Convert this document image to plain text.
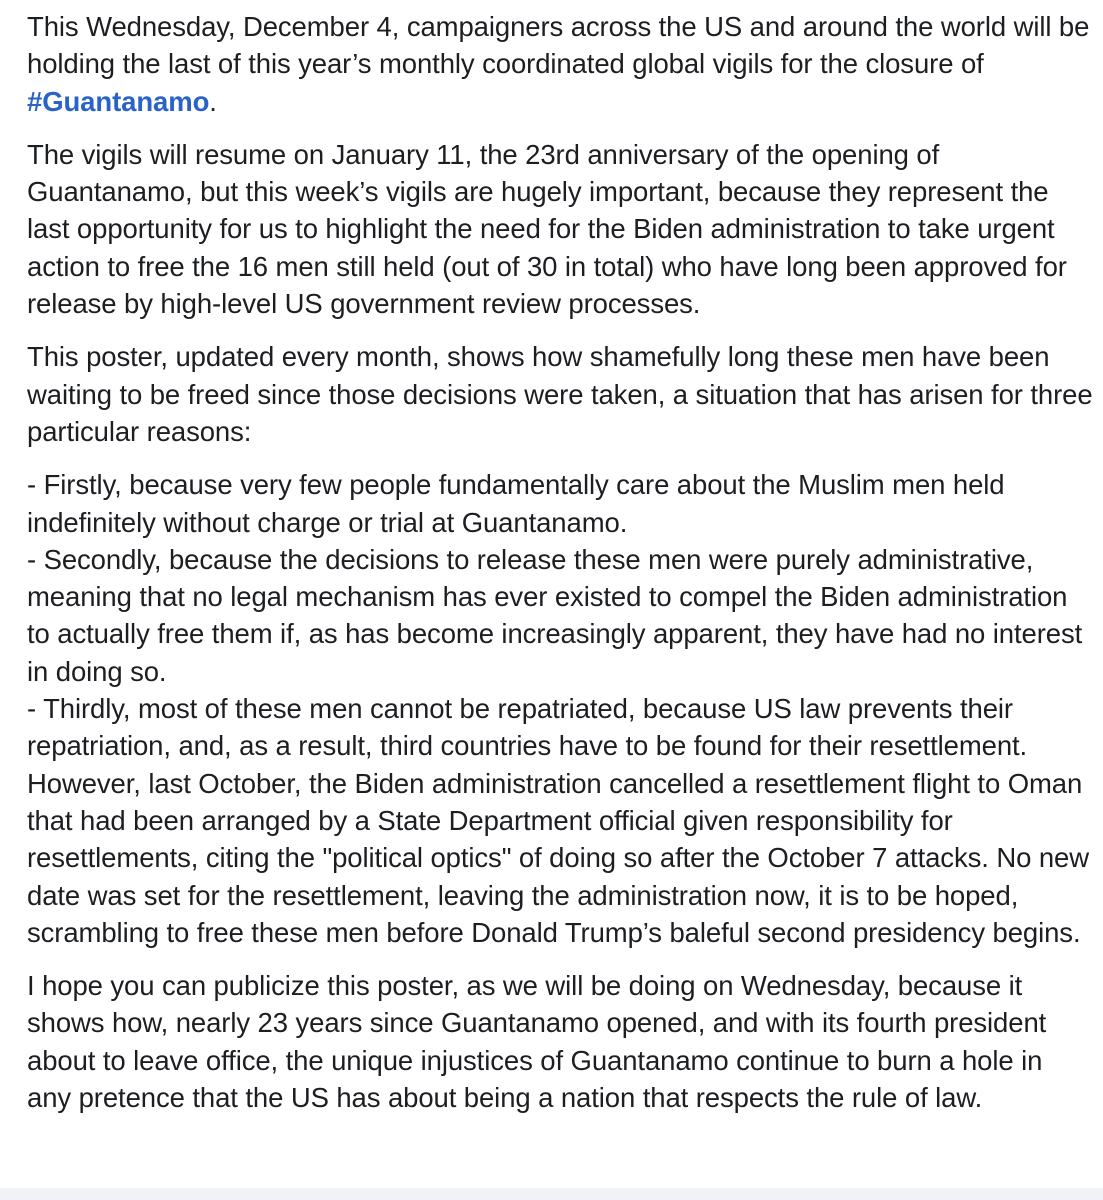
This Wednesday, December 4, campaigners across the US and around the world will be holding the last of this year’s monthly coordinated global vigils for the closure of #Guantanamo.

The vigils will resume on January 11, the 23rd anniversary of the opening of Guantanamo, but this week’s vigils are hugely important, because they represent the last opportunity for us to highlight the need for the Biden administration to take urgent action to free the 16 men still held (out of 30 in total) who have long been approved for release by high-level US government review processes.

This poster, updated every month, shows how shamefully long these men have been waiting to be freed since those decisions were taken, a situation that has arisen for three particular reasons:

- Firstly, because very few people fundamentally care about the Muslim men held indefinitely without charge or trial at Guantanamo.
- Secondly, because the decisions to release these men were purely administrative, meaning that no legal mechanism has ever existed to compel the Biden administration to actually free them if, as has become increasingly apparent, they have had no interest in doing so.
- Thirdly, most of these men cannot be repatriated, because US law prevents their repatriation, and, as a result, third countries have to be found for their resettlement. However, last October, the Biden administration cancelled a resettlement flight to Oman that had been arranged by a State Department official given responsibility for resettlements, citing the "political optics" of doing so after the October 7 attacks. No new date was set for the resettlement, leaving the administration now, it is to be hoped, scrambling to free these men before Donald Trump’s baleful second presidency begins.

I hope you can publicize this poster, as we will be doing on Wednesday, because it shows how, nearly 23 years since Guantanamo opened, and with its fourth president about to leave office, the unique injustices of Guantanamo continue to burn a hole in any pretence that the US has about being a nation that respects the rule of law.
